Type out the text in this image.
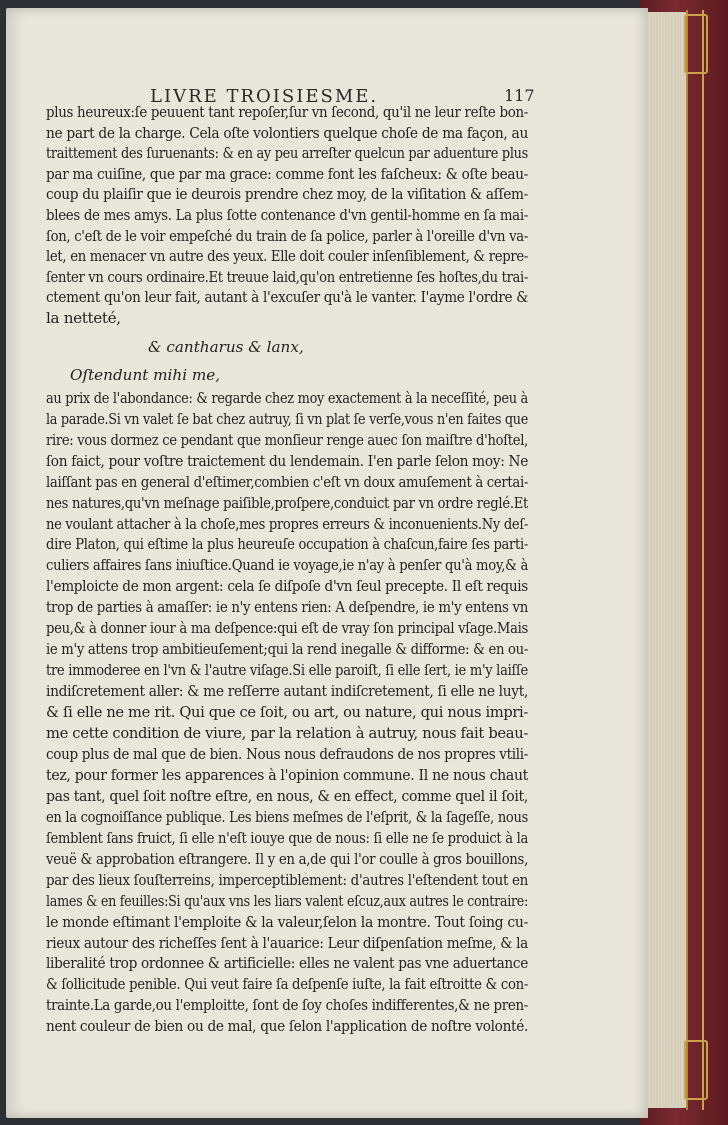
LIVRE TROISIESME.	117
plus heureux:ſe peuuent tant repoſer,ſur vn ſecond, qu'il ne leur reſte bon-
ne part de la charge. Cela oſte volontiers quelque choſe de ma façon, au
traittement des ſuruenants: & en ay peu arreſter quelcun par aduenture plus
par ma cuiſine, que par ma grace: comme font les faſcheux: & oſte beau-
coup du plaiſir que ie deurois prendre chez moy, de la viſitation & aſſem-
blees de mes amys. La plus ſotte contenance d'vn gentil-homme en ſa mai-
ſon, c'eſt de le voir empeſché du train de ſa police, parler à l'oreille d'vn va-
let, en menacer vn autre des yeux. Elle doit couler inſenſiblement, & repre-
ſenter vn cours ordinaire.Et treuue laid,qu'on entretienne ſes hoſtes,du trai-
ctement qu'on leur fait, autant à l'excuſer qu'à le vanter. I'ayme l'ordre &
la netteté,
& cantharus & lanx,
Oſtendunt mihi me,
au prix de l'abondance: & regarde chez moy exactement à la neceſſité, peu à
la parade.Si vn valet ſe bat chez autruy, ſi vn plat ſe verſe,vous n'en faites que
rire: vous dormez ce pendant que monſieur renge auec ſon maiſtre d'hoſtel,
ſon faict, pour voſtre traictement du lendemain. I'en parle ſelon moy: Ne
laiſſant pas en general d'eſtimer,combien c'eſt vn doux amuſement à certai-
nes natures,qu'vn meſnage paiſible,proſpere,conduict par vn ordre reglé.Et
ne voulant attacher à la choſe,mes propres erreurs & inconuenients.Ny deſ-
dire Platon, qui eſtime la plus heureuſe occupation à chaſcun,faire ſes parti-
culiers affaires ſans iniuſtice.Quand ie voyage,ie n'ay à penſer qu'à moy,& à
l'emploicte de mon argent: cela ſe diſpoſe d'vn ſeul precepte. Il eſt requis
trop de parties à amaſſer: ie n'y entens rien: A deſpendre, ie m'y entens vn
peu,& à donner iour à ma deſpence:qui eſt de vray ſon principal vſage.Mais
ie m'y attens trop ambitieuſement;qui la rend inegalle & difforme: & en ou-
tre immoderee en l'vn & l'autre viſage.Si elle paroiſt, ſi elle ſert, ie m'y laiſſe
indiſcretement aller: & me reſſerre autant indiſcretement, ſi elle ne luyt,
& ſi elle ne me rit. Qui que ce ſoit, ou art, ou nature, qui nous impri-
me cette condition de viure, par la relation à autruy, nous fait beau-
coup plus de mal que de bien. Nous nous defraudons de nos propres vtili-
tez, pour former les apparences à l'opinion commune. Il ne nous chaut
pas tant, quel ſoit noſtre eſtre, en nous, & en effect, comme quel il ſoit,
en la cognoiſſance publique. Les biens meſmes de l'eſprit, & la ſageſſe, nous
ſemblent ſans fruict, ſi elle n'eſt iouye que de nous: ſi elle ne ſe produict à la
veuë & approbation eſtrangere. Il y en a,de qui l'or coulle à gros bouillons,
par des lieux ſouſterreins, imperceptiblement: d'autres l'eſtendent tout en
lames & en feuilles:Si qu'aux vns les liars valent eſcuz,aux autres le contraire:
le monde eſtimant l'emploite & la valeur,ſelon la montre. Tout ſoing cu-
rieux autour des richeſſes ſent à l'auarice: Leur diſpenſation meſme, & la
liberalité trop ordonnee & artificielle: elles ne valent pas vne aduertance
& ſollicitude penible. Qui veut faire ſa deſpenſe iuſte, la fait eſtroitte & con-
trainte.La garde,ou l'emploitte, ſont de ſoy choſes indifferentes,& ne pren-
nent couleur de bien ou de mal, que ſelon l'application de noſtre volonté.
